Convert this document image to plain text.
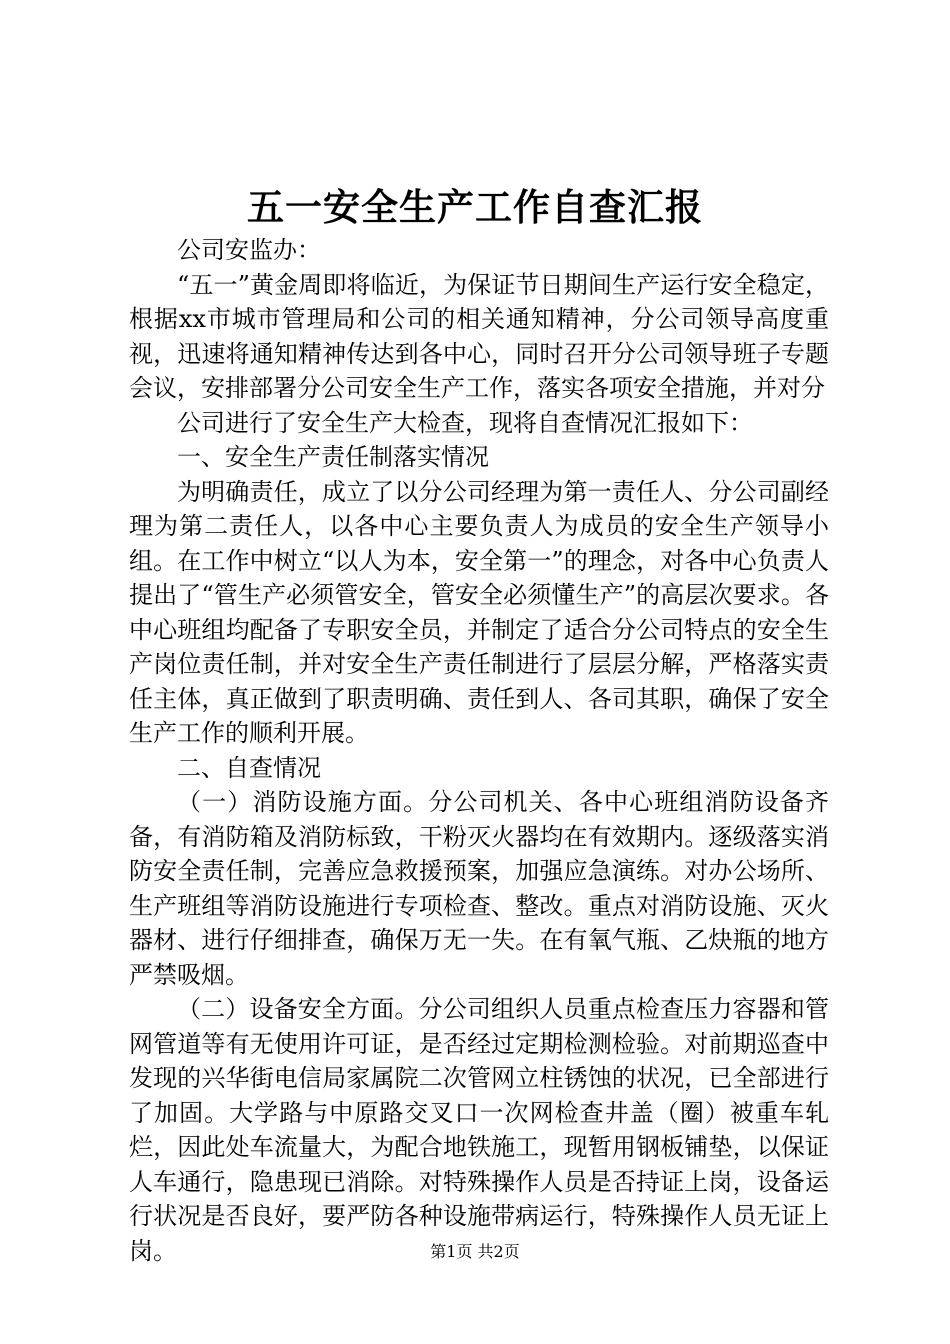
五一安全生产工作自查汇报

公司安监办：

“五一”黄金周即将临近，为保证节日期间生产运行安全稳定，根据xx市城市管理局和公司的相关通知精神，分公司领导高度重视，迅速将通知精神传达到各中心，同时召开分公司领导班子专题会议，安排部署分公司安全生产工作，落实各项安全措施，并对分

公司进行了安全生产大检查，现将自查情况汇报如下：

一、安全生产责任制落实情况

为明确责任，成立了以分公司经理为第一责任人、分公司副经理为第二责任人，以各中心主要负责人为成员的安全生产领导小组。在工作中树立“以人为本，安全第一”的理念，对各中心负责人提出了“管生产必须管安全，管安全必须懂生产”的高层次要求。各中心班组均配备了专职安全员，并制定了适合分公司特点的安全生产岗位责任制，并对安全生产责任制进行了层层分解，严格落实责任主体，真正做到了职责明确、责任到人、各司其职，确保了安全生产工作的顺利开展。

二、自查情况

（一）消防设施方面。分公司机关、各中心班组消防设备齐备，有消防箱及消防标致，干粉灭火器均在有效期内。逐级落实消防安全责任制，完善应急救援预案，加强应急演练。对办公场所、生产班组等消防设施进行专项检查、整改。重点对消防设施、灭火器材、进行仔细排查，确保万无一失。在有氧气瓶、乙炔瓶的地方严禁吸烟。

（二）设备安全方面。分公司组织人员重点检查压力容器和管网管道等有无使用许可证，是否经过定期检测检验。对前期巡查中发现的兴华街电信局家属院二次管网立柱锈蚀的状况，已全部进行了加固。大学路与中原路交叉口一次网检查井盖（圈）被重车轧烂，因此处车流量大，为配合地铁施工，现暂用钢板铺垫，以保证人车通行，隐患现已消除。对特殊操作人员是否持证上岗，设备运行状况是否良好，要严防各种设施带病运行，特殊操作人员无证上岗。	第1页 共2页
